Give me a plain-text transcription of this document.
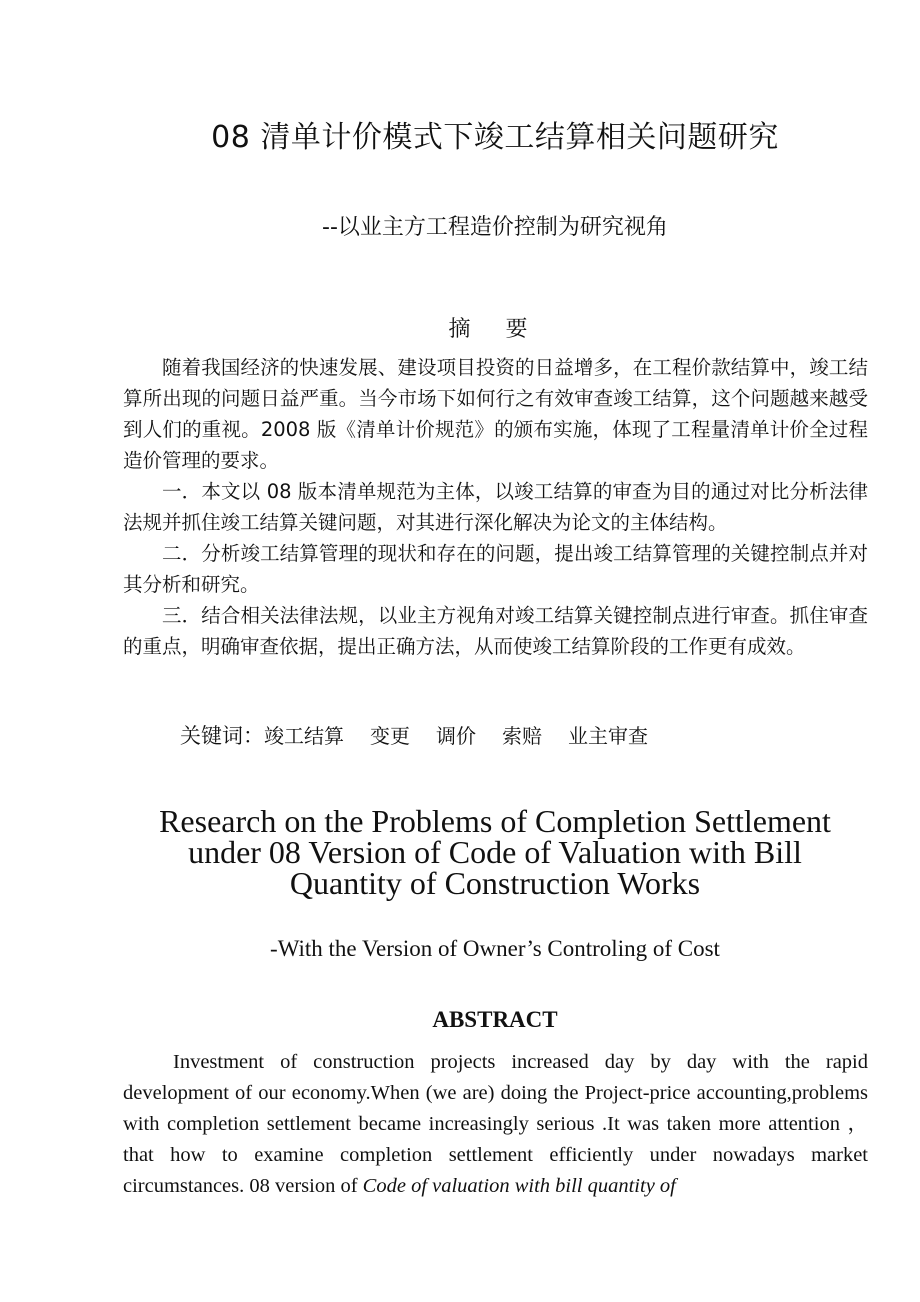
08 清单计价模式下竣工结算相关问题研究
--以业主方工程造价控制为研究视角
摘 要

随着我国经济的快速发展、建设项目投资的日益增多，在工程价款结算中，竣工结算所出现的问题日益严重。当今市场下如何行之有效审查竣工结算，这个问题越来越受到人们的重视。2008 版《清单计价规范》的颁布实施，体现了工程量清单计价全过程造价管理的要求。

一．本文以 08 版本清单规范为主体，以竣工结算的审查为目的通过对比分析法律法规并抓住竣工结算关键问题，对其进行深化解决为论文的主体结构。

二．分析竣工结算管理的现状和存在的问题，提出竣工结算管理的关键控制点并对其分析和研究。

三．结合相关法律法规，以业主方视角对竣工结算关键控制点进行审查。抓住审查的重点，明确审查依据，提出正确方法，从而使竣工结算阶段的工作更有成效。

关键词：竣工结算 变更 调价 索赔 业主审查
Research on the Problems of Completion Settlement
under 08 Version of Code of Valuation with Bill
Quantity of Construction Works
-With the Version of Owner’s Controling of Cost
ABSTRACT

Investment of construction projects increased day by day with the rapid development of our economy.When (we are) doing the Project-price accounting,problems with completion settlement became increasingly serious .It was taken more attention ， that how to examine completion settlement efficiently under nowadays market circumstances. 08 version of Code of valuation with bill quantity of
